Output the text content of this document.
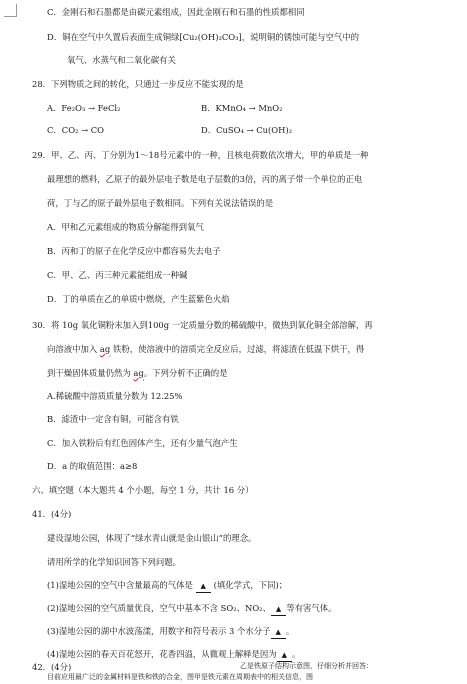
C．金刚石和石墨都是由碳元素组成，因此金刚石和石墨的性质都相同
D．铜在空气中久置后表面生成铜绿[Cu₂(OH)₂CO₃]，说明铜的锈蚀可能与空气中的
氧气、水蒸气和二氧化碳有关
28．下列物质之间的转化，只通过一步反应不能实现的是
A．Fe₂O₃ → FeCl₂	B．KMnO₄ → MnO₂
C．CO₂ → CO	D．CuSO₄ → Cu(OH)₂
29．甲、乙、丙、丁分别为1～18号元素中的一种，且核电荷数依次增大，甲的单质是一种
最理想的燃料，乙原子的最外层电子数是电子层数的3倍，丙的离子带一个单位的正电
荷，丁与乙的原子最外层电子数相同。下列有关说法错误的是
A．甲和乙元素组成的物质分解能得到氧气
B．丙和丁的原子在化学反应中都容易失去电子
C．甲、乙、丙三种元素能组成一种碱
D．丁的单质在乙的单质中燃烧，产生蓝紫色火焰
30．将 10g 氧化铜粉末加入到100g 一定质量分数的稀硫酸中，微热到氧化铜全部溶解，再
向溶液中加入 ag 铁粉，使溶液中的溶质完全反应后，过滤，将滤渣在低温下烘干，得
到干燥固体质量仍然为 ag。下列分析不正确的是
A.稀硫酸中溶质质量分数为 12.25%
B．滤渣中一定含有铜，可能含有铁
C．加入铁粉后有红色固体产生，还有少量气泡产生
D．a 的取值范围：a≥8
六、填空题（本大题共 4 个小题，每空 1 分，共计 16 分）
41．(4分)
建设湿地公园，体现了“绿水青山就是金山银山”的理念。
请用所学的化学知识回答下列问题。
(1)湿地公园的空气中含量最高的气体是 ▲ (填化学式，下同)；
(2)湿地公园的空气质量优良，空气中基本不含 SO₂、NO₂、 ▲ 等有害气体。
(3)湿地公园的湖中水波荡漾，用数字和符号表示 3 个水分子 ▲ 。
(4)湿地公园的春天百花怒开，花香四溢，从微观上解释是因为 ▲ 。
42．(4分)
目前应用最广泛的金属材料是铁和铁的合金，图甲是铁元素在周期表中的相关信息，图
乙是铁原子结构示意图，仔细分析并回答：
